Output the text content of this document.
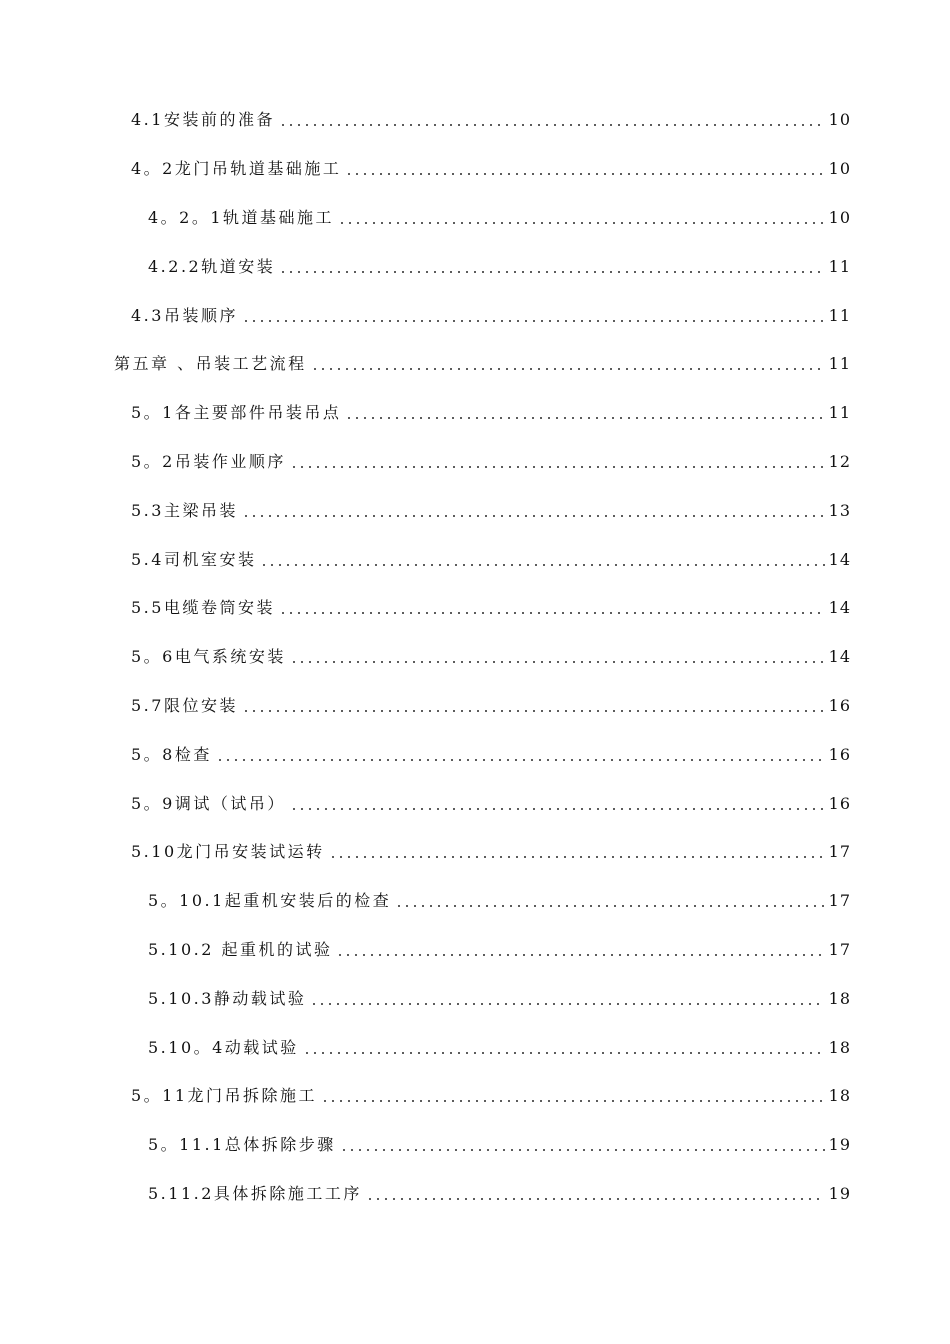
4.1安装前的准备	10
4。2龙门吊轨道基础施工	10
4。2。1轨道基础施工	10
4.2.2轨道安装	11
4.3吊装顺序	11
第五章 、吊装工艺流程	11
5。1各主要部件吊装吊点	11
5。2吊装作业顺序	12
5.3主梁吊装	13
5.4司机室安装	14
5.5电缆卷筒安装	14
5。6电气系统安装	14
5.7限位安装	16
5。8检查	16
5。9调试（试吊）	16
5.10龙门吊安装试运转	17
5。10.1起重机安装后的检查	17
5.10.2 起重机的试验	17
5.10.3静动载试验	18
5.10。4动载试验	18
5。11龙门吊拆除施工	18
5。11.1总体拆除步骤	19
5.11.2具体拆除施工工序	19
